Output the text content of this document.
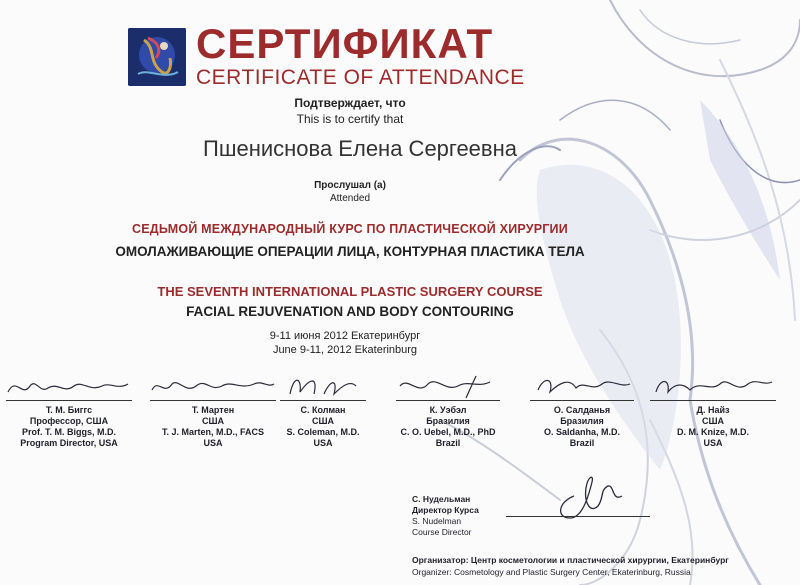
СЕРТИФИКАТ
CERTIFICATE OF ATTENDANCE
Подтверждает, что
This is to certify that
Пшениснова Елена Сергеевна
Прослушал (а)
Attended
СЕДЬМОЙ МЕЖДУНАРОДНЫЙ КУРС ПО ПЛАСТИЧЕСКОЙ ХИРУРГИИ
ОМОЛАЖИВАЮЩИЕ ОПЕРАЦИИ ЛИЦА, КОНТУРНАЯ ПЛАСТИКА ТЕЛА
THE SEVENTH INTERNATIONAL PLASTIC SURGERY COURSE
FACIAL REJUVENATION AND BODY CONTOURING
9-11 июня 2012 Екатеринбург
June 9-11, 2012 Ekaterinburg
Т. М. Биггс
Профессор, США
Prof. T. M. Biggs, M.D.
Program Director, USA
Т. Мартен
США
T. J. Marten, M.D., FACS
USA
С. Колман
США
S. Coleman, M.D.
USA
К. Уэбэл
Бразилия
C. O. Uebel, M.D., PhD
Brazil
О. Салданья
Бразилия
O. Saldanha, M.D.
Brazil
Д. Найз
США
D. M. Knize, M.D.
USA
С. Нудельман
Директор Курса
S. Nudelman
Course Director
Организатор: Центр косметологии и пластической хирургии, Екатеринбург
Organizer: Cosmetology and Plastic Surgery Center, Ekaterinburg, Russia
